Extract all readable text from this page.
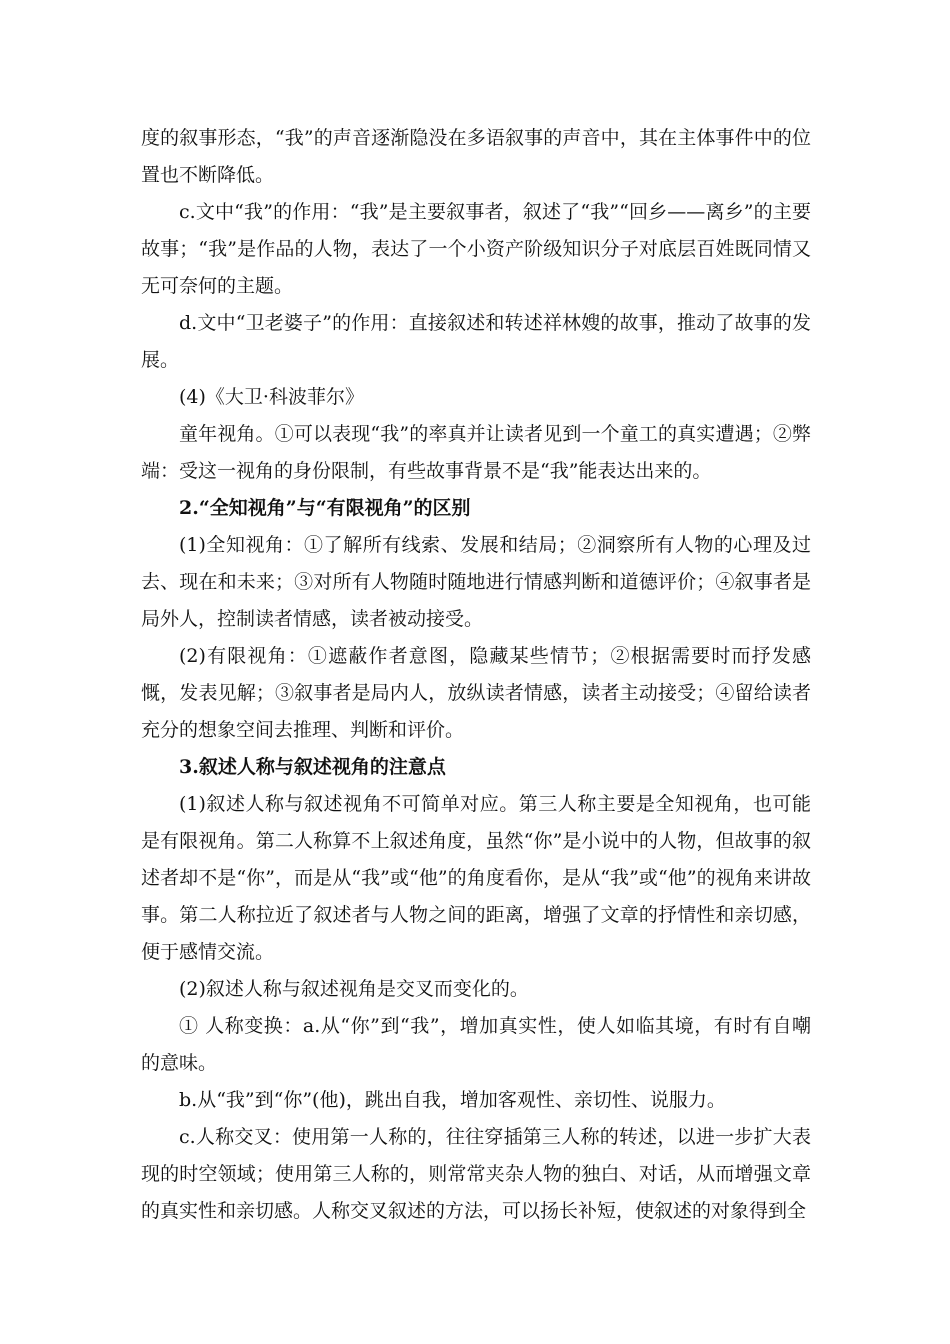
度的叙事形态，“我”的声音逐渐隐没在多语叙事的声音中，其在主体事件中的位置也不断降低。

c.文中“我”的作用：“我”是主要叙事者，叙述了“我”“回乡——离乡”的主要故事；“我”是作品的人物，表达了一个小资产阶级知识分子对底层百姓既同情又无可奈何的主题。

d.文中“卫老婆子”的作用：直接叙述和转述祥林嫂的故事，推动了故事的发展。

(4)《大卫·科波菲尔》

童年视角。①可以表现“我”的率真并让读者见到一个童工的真实遭遇；②弊端：受这一视角的身份限制，有些故事背景不是“我”能表达出来的。

2.“全知视角”与“有限视角”的区别

(1)全知视角：①了解所有线索、发展和结局；②洞察所有人物的心理及过去、现在和未来；③对所有人物随时随地进行情感判断和道德评价；④叙事者是局外人，控制读者情感，读者被动接受。

(2)有限视角：①遮蔽作者意图，隐藏某些情节；②根据需要时而抒发感慨，发表见解；③叙事者是局内人，放纵读者情感，读者主动接受；④留给读者充分的想象空间去推理、判断和评价。

3.叙述人称与叙述视角的注意点

(1)叙述人称与叙述视角不可简单对应。第三人称主要是全知视角，也可能是有限视角。第二人称算不上叙述角度，虽然“你”是小说中的人物，但故事的叙述者却不是“你”，而是从“我”或“他”的角度看你，是从“我”或“他”的视角来讲故事。第二人称拉近了叙述者与人物之间的距离，增强了文章的抒情性和亲切感，便于感情交流。

(2)叙述人称与叙述视角是交叉而变化的。

① 人称变换：a.从“你”到“我”，增加真实性，使人如临其境，有时有自嘲的意味。

b.从“我”到“你”(他)，跳出自我，增加客观性、亲切性、说服力。

c.人称交叉：使用第一人称的，往往穿插第三人称的转述，以进一步扩大表现的时空领域；使用第三人称的，则常常夹杂人物的独白、对话，从而增强文章的真实性和亲切感。人称交叉叙述的方法，可以扬长补短，使叙述的对象得到全
